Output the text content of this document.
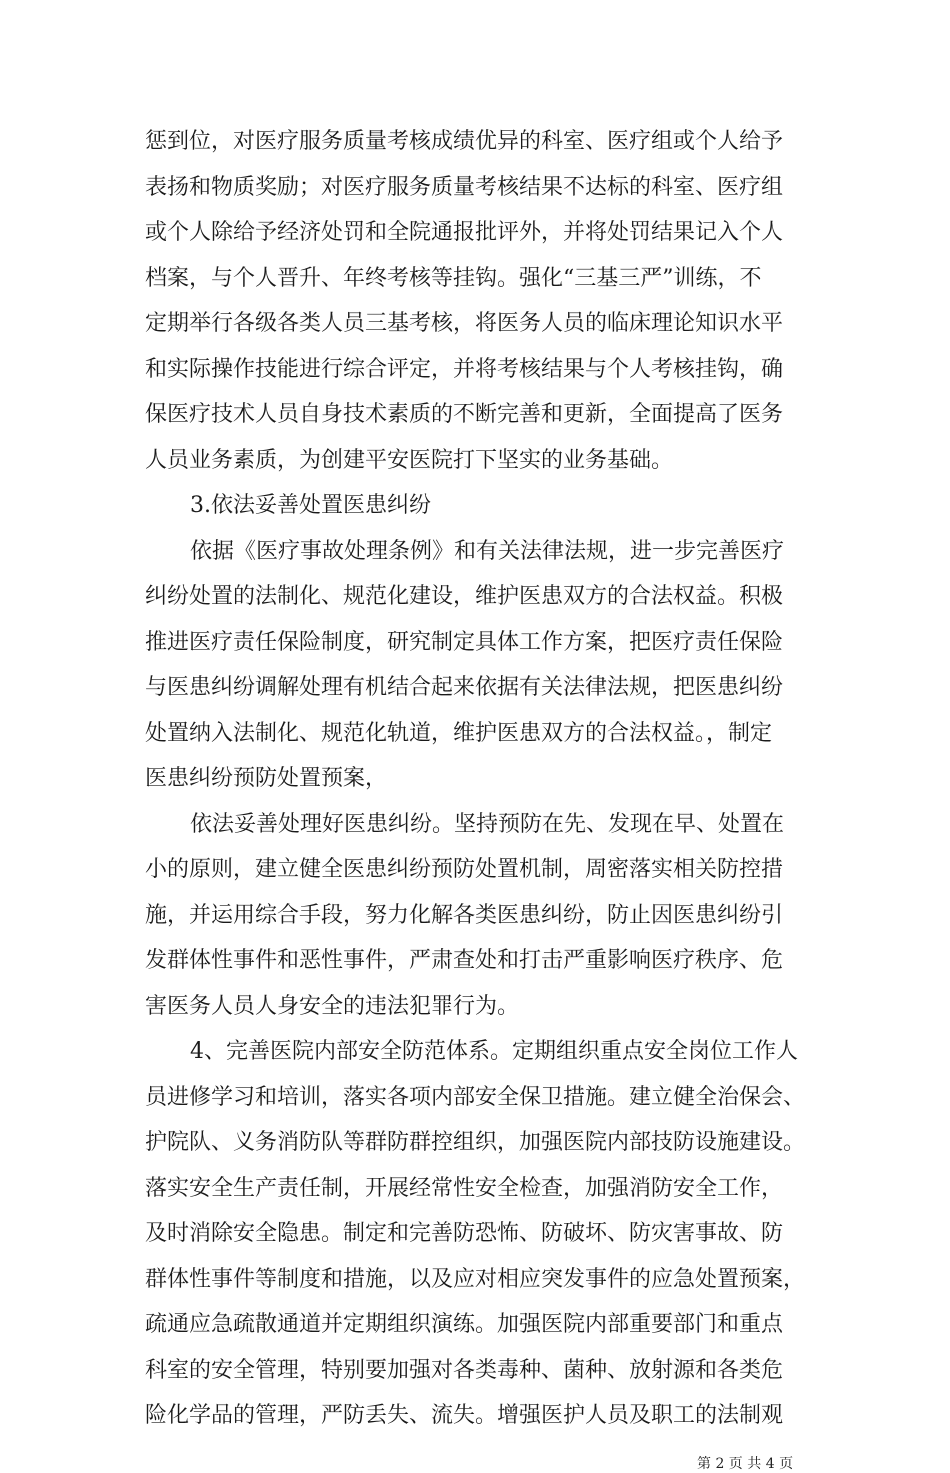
第 2 页 共 4 页
惩到位，对医疗服务质量考核成绩优异的科室、医疗组或个人给予
表扬和物质奖励；对医疗服务质量考核结果不达标的科室、医疗组
或个人除给予经济处罚和全院通报批评外，并将处罚结果记入个人
档案，与个人晋升、年终考核等挂钩。强化“三基三严”训练，不
定期举行各级各类人员三基考核，将医务人员的临床理论知识水平
和实际操作技能进行综合评定，并将考核结果与个人考核挂钩，确
保医疗技术人员自身技术素质的不断完善和更新，全面提高了医务
人员业务素质，为创建平安医院打下坚实的业务基础。
3.依法妥善处置医患纠纷
依据《医疗事故处理条例》和有关法律法规，进一步完善医疗
纠纷处置的法制化、规范化建设，维护医患双方的合法权益。积极
推进医疗责任保险制度，研究制定具体工作方案，把医疗责任保险
与医患纠纷调解处理有机结合起来依据有关法律法规，把医患纠纷
处置纳入法制化、规范化轨道，维护医患双方的合法权益。，制定
医患纠纷预防处置预案，
依法妥善处理好医患纠纷。坚持预防在先、发现在早、处置在
小的原则，建立健全医患纠纷预防处置机制，周密落实相关防控措
施，并运用综合手段，努力化解各类医患纠纷，防止因医患纠纷引
发群体性事件和恶性事件，严肃查处和打击严重影响医疗秩序、危
害医务人员人身安全的违法犯罪行为。
4、完善医院内部安全防范体系。定期组织重点安全岗位工作人
员进修学习和培训，落实各项内部安全保卫措施。建立健全治保会、
护院队、义务消防队等群防群控组织，加强医院内部技防设施建设。
落实安全生产责任制，开展经常性安全检查，加强消防安全工作，
及时消除安全隐患。制定和完善防恐怖、防破坏、防灾害事故、防
群体性事件等制度和措施，以及应对相应突发事件的应急处置预案，
疏通应急疏散通道并定期组织演练。加强医院内部重要部门和重点
科室的安全管理，特别要加强对各类毒种、菌种、放射源和各类危
险化学品的管理，严防丢失、流失。增强医护人员及职工的法制观
